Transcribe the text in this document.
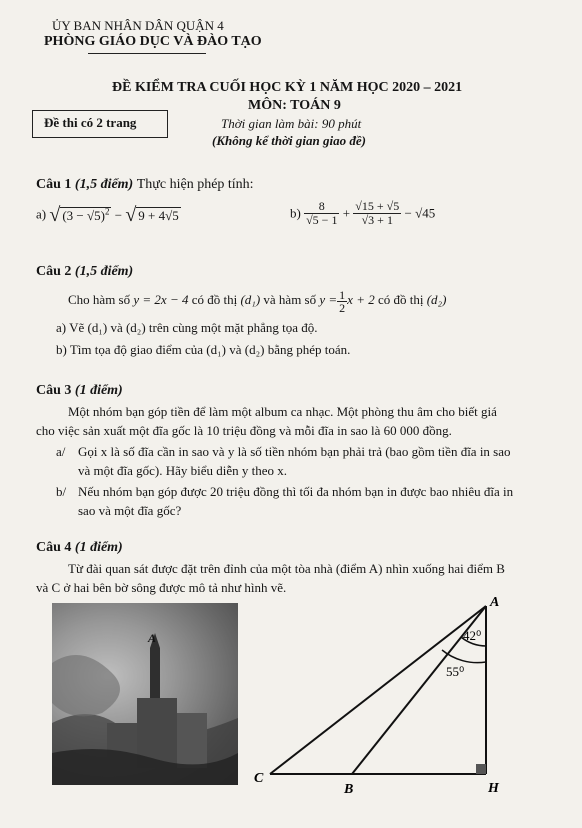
ỦY BAN NHÂN DÂN QUẬN 4
PHÒNG GIÁO DỤC VÀ ĐÀO TẠO
ĐỀ KIỂM TRA CUỐI HỌC KỲ 1 NĂM HỌC 2020 – 2021
MÔN: TOÁN 9
Đề thi có 2 trang	Thời gian làm bài: 90 phút
(Không kể thời gian giao đề)
Câu 1 (1,5 điểm) Thực hiện phép tính:
a) √ $(3 - √5)^2$ − √ 9 + 4√5	$b) \frac{8}{√5 - 1} + \frac{√15 + √5}{√3 + 1} - √45$
Câu 2 (1,5 điểm)
Cho hàm số y = 2x − 4 có đồ thị (d₁) và hàm số $y = \frac{1}{2}$ x + 2 có đồ thị (d₂)
a) Vẽ (d₁) và (d₂) trên cùng một mặt phẳng tọa độ.
b) Tìm tọa độ giao điểm của (d₁) và (d₂) bằng phép toán.
Câu 3 (1 điểm)
Một nhóm bạn góp tiền để làm một album ca nhạc. Một phòng thu âm cho biết giá
cho việc sản xuất một đĩa gốc là 10 triệu đồng và mỗi đĩa in sao là 60 000 đồng.
a/ Gọi x là số đĩa cần in sao và y là số tiền nhóm bạn phải trả (bao gồm tiền đĩa in sao
và một đĩa gốc). Hãy biểu diễn y theo x.
b/ Nếu nhóm bạn góp được 20 triệu đồng thì tối đa nhóm bạn in được bao nhiêu đĩa in
sao và một đĩa gốc?
Câu 4 (1 điểm)
Từ đài quan sát được đặt trên đỉnh của một tòa nhà (điểm A) nhìn xuống hai điểm B
và C ở hai bên bờ sông được mô tả như hình vẽ.
A
A
B
C
H
42⁰
55⁰
